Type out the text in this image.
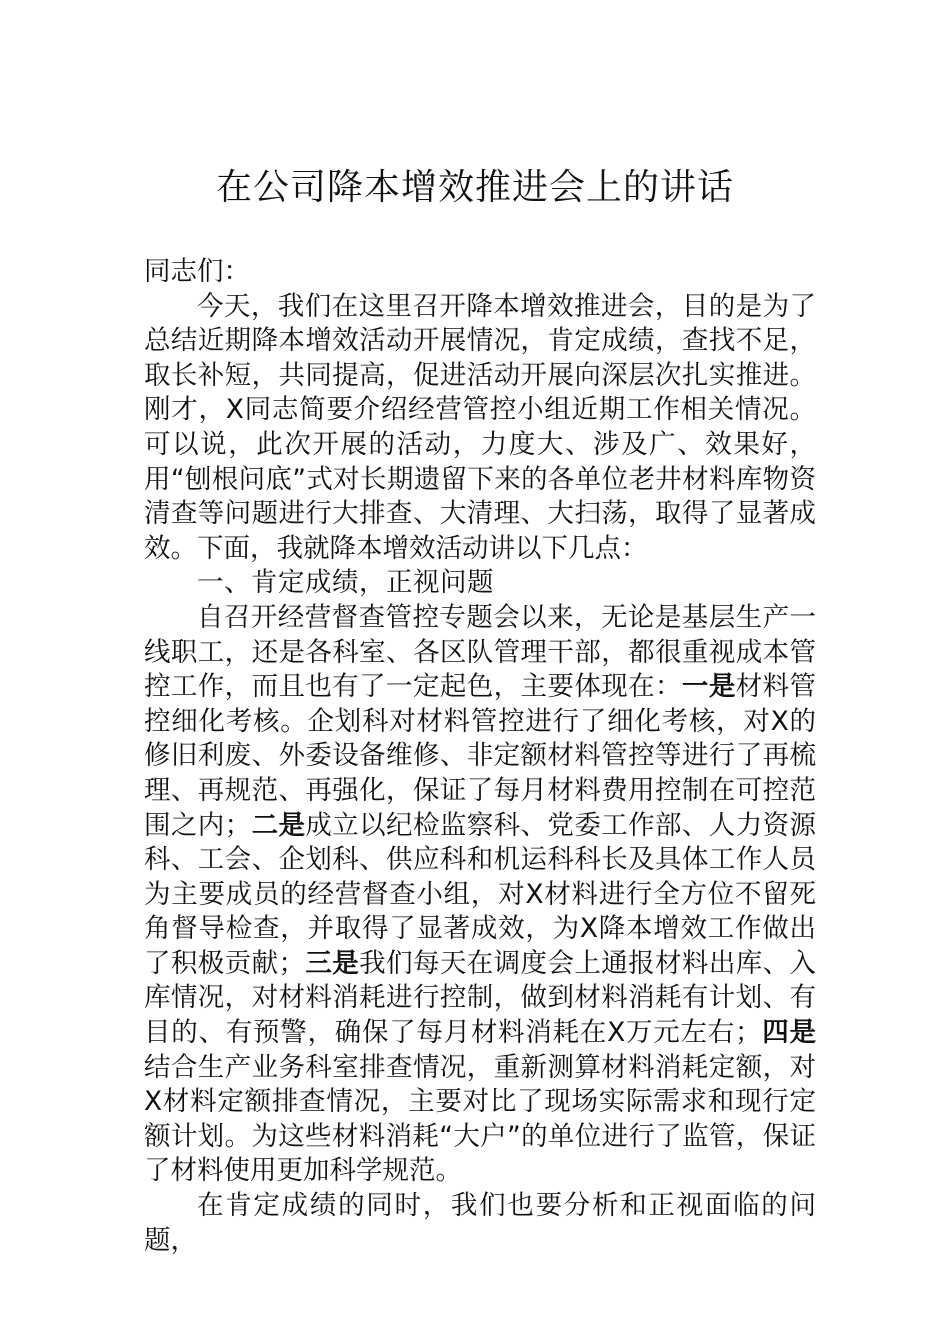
在公司降本增效推进会上的讲话

同志们：

今天，我们在这里召开降本增效推进会，目的是为了总结近期降本增效活动开展情况，肯定成绩，查找不足，取长补短，共同提高，促进活动开展向深层次扎实推进。刚才，X同志简要介绍经营管控小组近期工作相关情况。可以说，此次开展的活动，力度大、涉及广、效果好，用“刨根问底”式对长期遗留下来的各单位老井材料库物资清查等问题进行大排查、大清理、大扫荡，取得了显著成效。下面，我就降本增效活动讲以下几点：

一、肯定成绩，正视问题

自召开经营督查管控专题会以来，无论是基层生产一线职工，还是各科室、各区队管理干部，都很重视成本管控工作，而且也有了一定起色，主要体现在：一是材料管控细化考核。企划科对材料管控进行了细化考核，对X的修旧利废、外委设备维修、非定额材料管控等进行了再梳理、再规范、再强化，保证了每月材料费用控制在可控范围之内；二是成立以纪检监察科、党委工作部、人力资源科、工会、企划科、供应科和机运科科长及具体工作人员为主要成员的经营督查小组，对X材料进行全方位不留死角督导检查，并取得了显著成效，为X降本增效工作做出了积极贡献；三是我们每天在调度会上通报材料出库、入库情况，对材料消耗进行控制，做到材料消耗有计划、有目的、有预警，确保了每月材料消耗在X万元左右；四是结合生产业务科室排查情况，重新测算材料消耗定额，对X材料定额排查情况，主要对比了现场实际需求和现行定额计划。为这些材料消耗“大户”的单位进行了监管，保证了材料使用更加科学规范。

在肯定成绩的同时，我们也要分析和正视面临的问题，
